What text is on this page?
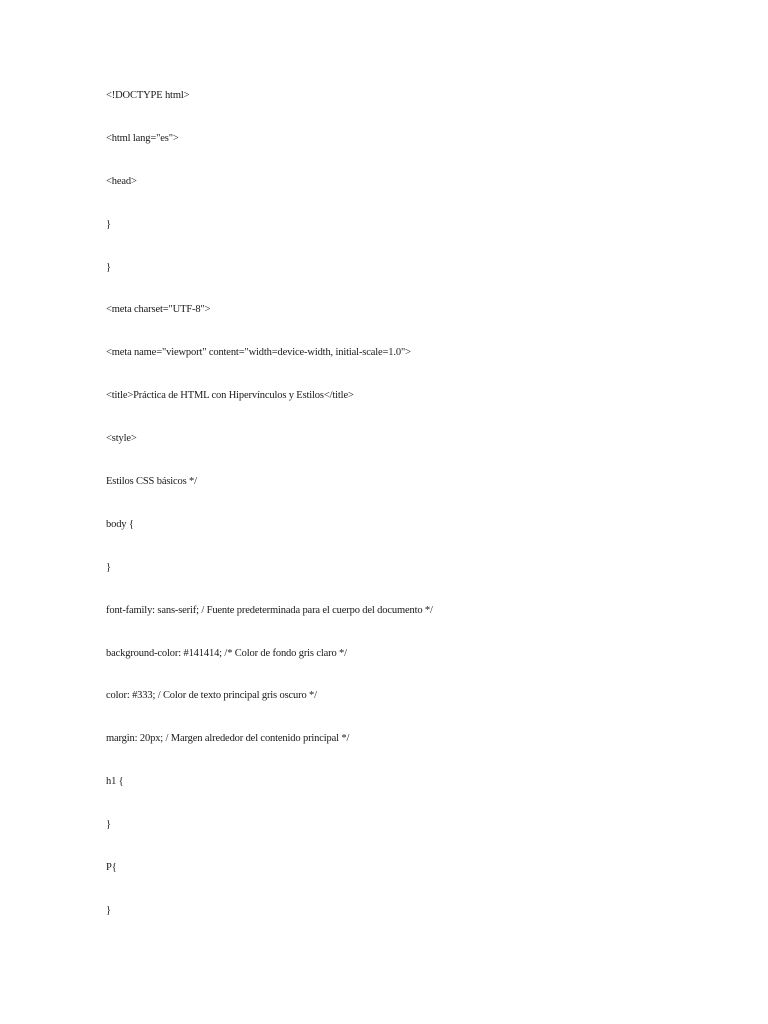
<!DOCTYPE html>
<html lang="es">
<head>
}
}
<meta charset="UTF-8">
<meta name="viewport" content="width=device-width, initial-scale=1.0">
<title>Práctica de HTML con Hipervínculos y Estilos</title>
<style>
Estilos CSS básicos */
body {
}
font-family: sans-serif; / Fuente predeterminada para el cuerpo del documento */
background-color: #141414; /* Color de fondo gris claro */
color: #333; / Color de texto principal gris oscuro */
margin: 20px; / Margen alrededor del contenido principal */
h1 {
}
P{
}
